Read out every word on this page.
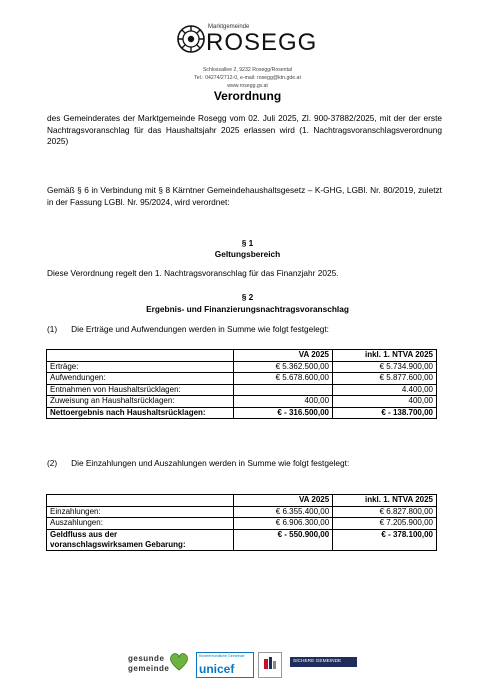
Marktgemeinde
ROSEGG
Schlossallee 2, 9232 Rosegg/Rosental
Tel.: 04274/2712-0, e-mail: rosegg@ktn.gde.at
www.rosegg.gv.at
Verordnung
des Gemeinderates der Marktgemeinde Rosegg vom 02. Juli 2025, Zl. 900-37882/2025, mit der der erste Nachtragsvoranschlag für das Haushaltsjahr 2025 erlassen wird (1. Nachtragsvoranschlagsverordnung 2025)
Gemäß § 6 in Verbindung mit § 8 Kärntner Gemeindehaushaltsgesetz – K-GHG, LGBl. Nr. 80/2019, zuletzt in der Fassung LGBl. Nr. 95/2024, wird verordnet:
§ 1
Geltungsbereich
Diese Verordnung regelt den 1. Nachtragsvoranschlag für das Finanzjahr 2025.
§ 2
Ergebnis- und Finanzierungsnachtragsvoranschlag
(1) Die Erträge und Aufwendungen werden in Summe wie folgt festgelegt:
	VA 2025	inkl. 1. NTVA 2025
Erträge:	€ 5.362.500,00	€ 5.734.900,00
Aufwendungen:	€ 5.678.600,00	€ 5.877.600,00
Entnahmen von Haushaltsrücklagen:		4.400,00
Zuweisung an Haushaltsrücklagen:	400,00	400,00
Nettoergebnis nach Haushaltsrücklagen:	€ - 316.500,00	€ - 138.700,00
(2) Die Einzahlungen und Auszahlungen werden in Summe wie folgt festgelegt:
	VA 2025	inkl. 1. NTVA 2025
Einzahlungen:	€ 6.355.400,00	€ 6.827.800,00
Auszahlungen:	€ 6.906.300,00	€ 7.205.900,00

Geldfluss aus der
voranschlagswirksamen Gebarung:	€ - 550.900,00	€ - 378.100,00
gesunde
gemeinde
Kinderfreundliche Gemeinde
unicef
SICHERE GEMEINDE
